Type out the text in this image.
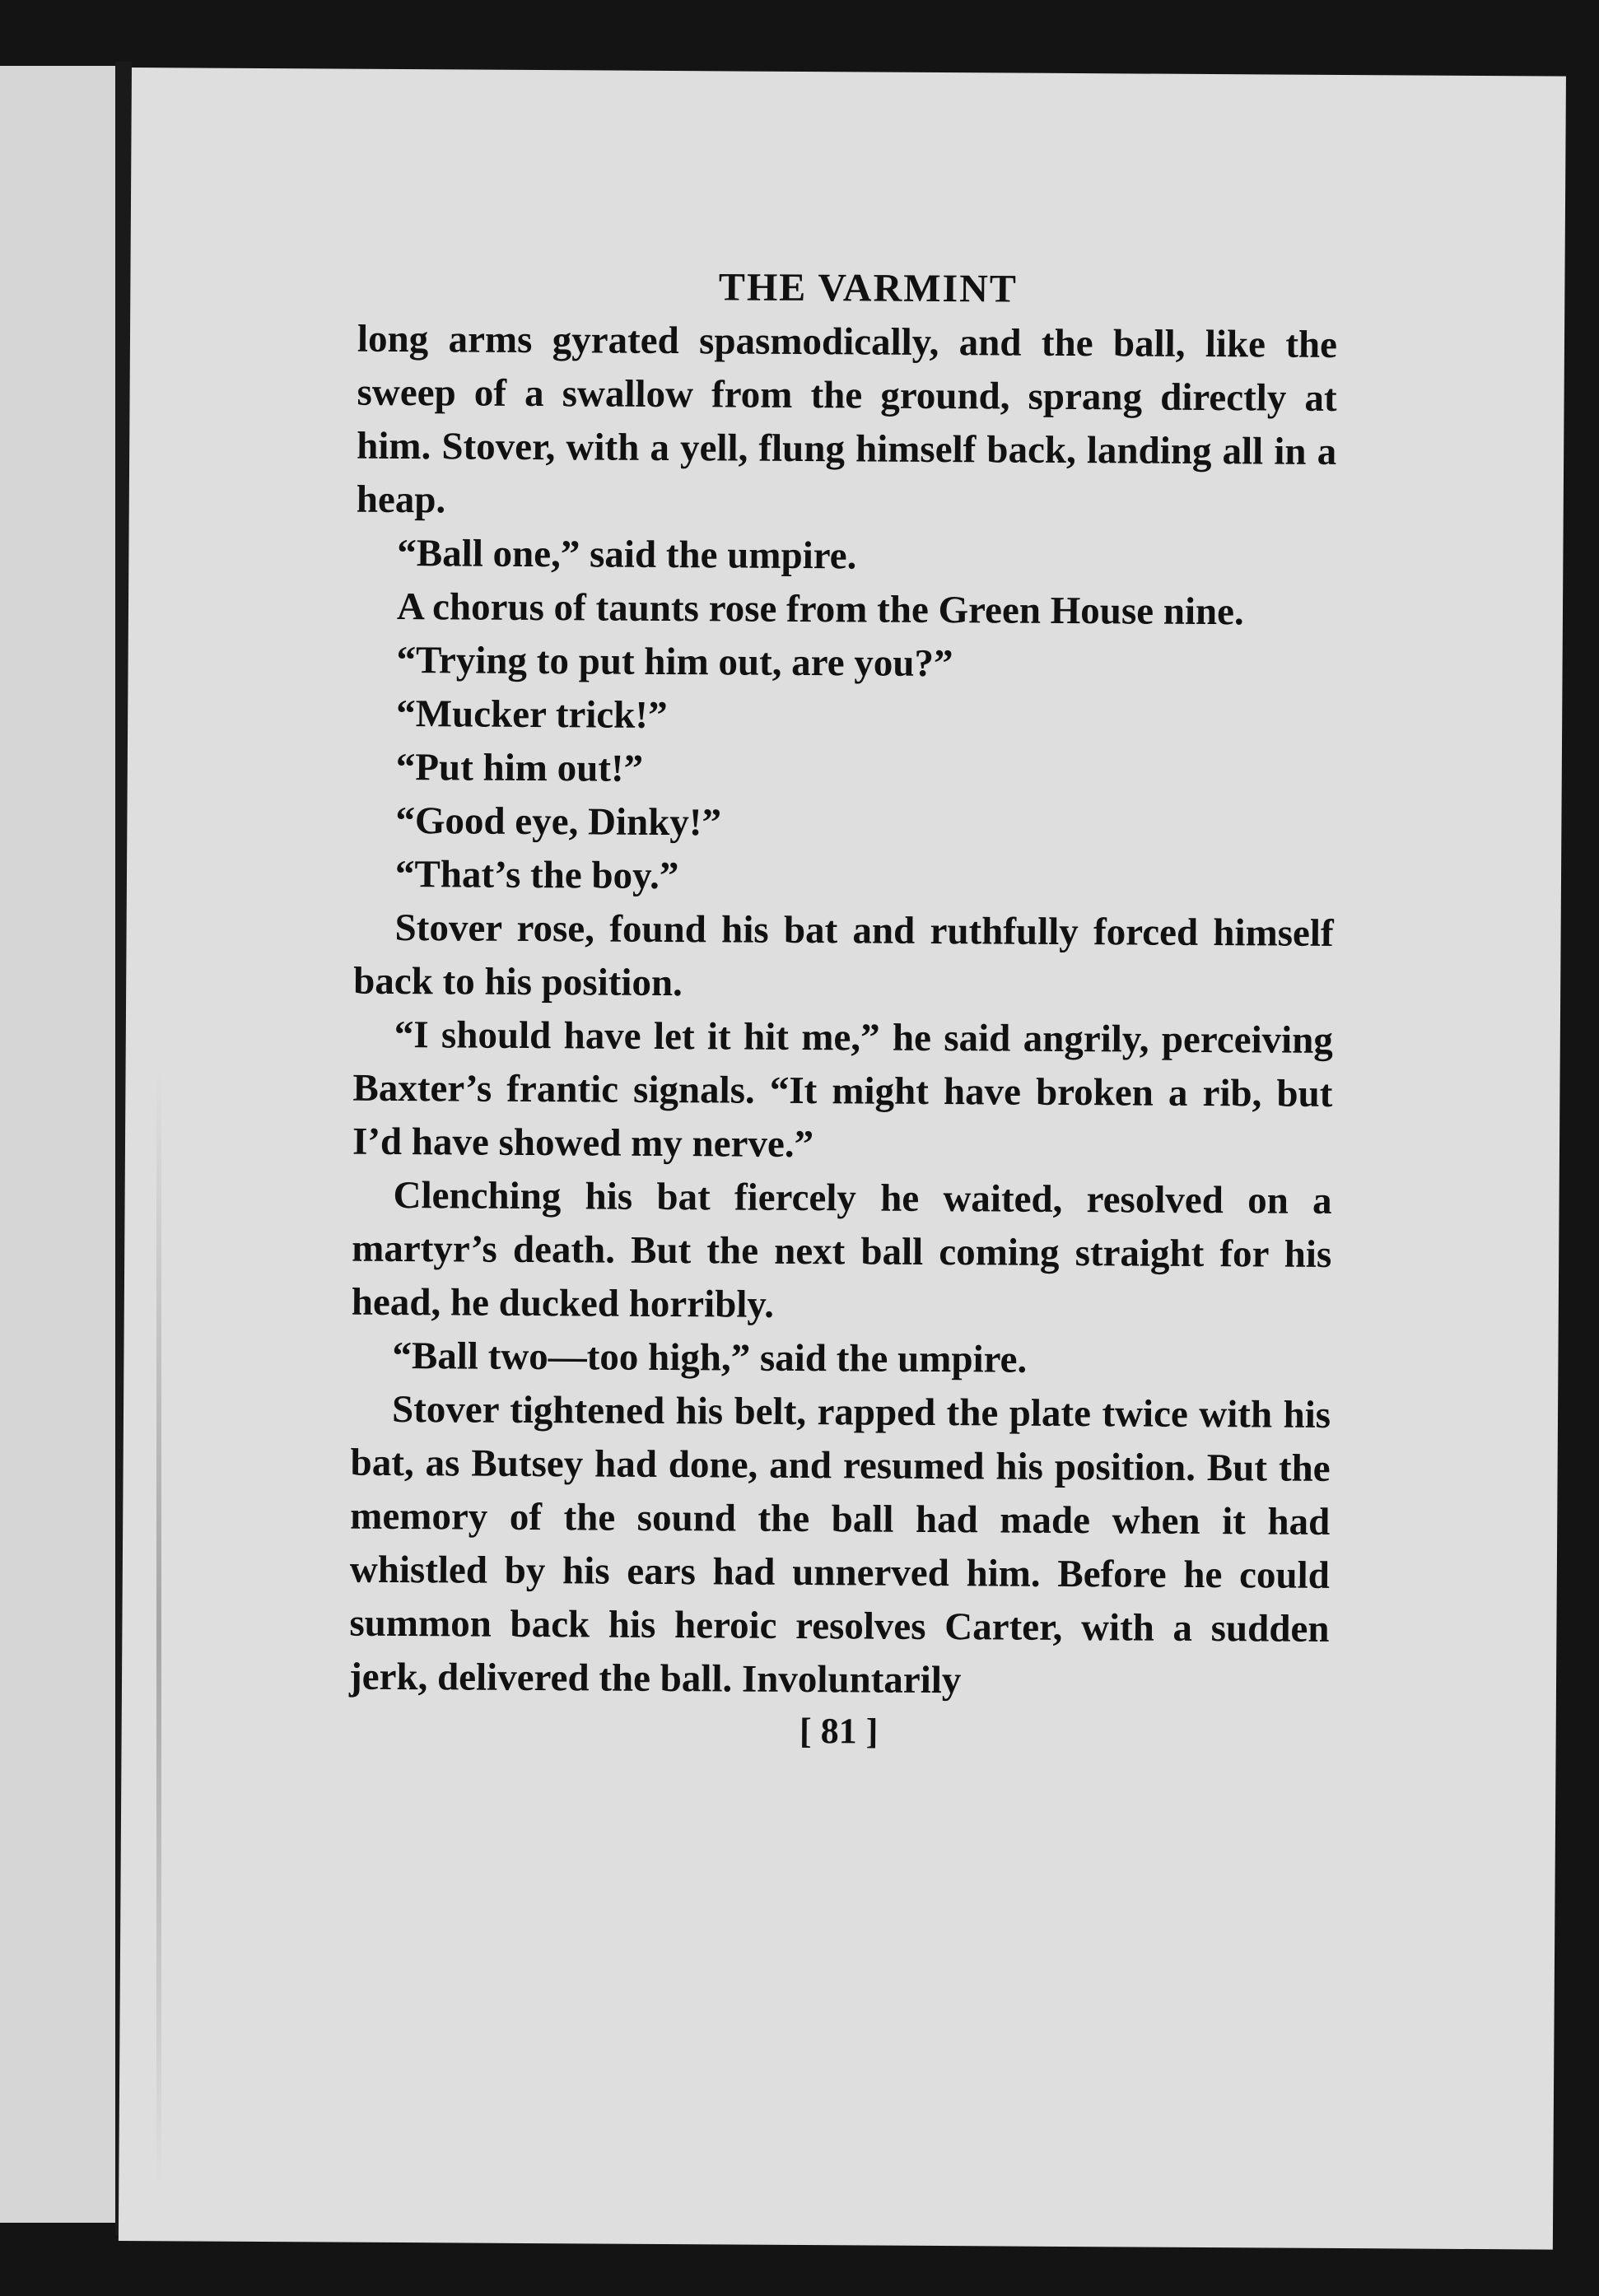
THE VARMINT

long arms gyrated spasmodically, and the ball, like the sweep of a swallow from the ground, sprang directly at him. Stover, with a yell, flung himself back, landing all in a heap.

“Ball one,” said the umpire.

A chorus of taunts rose from the Green House nine.

“Trying to put him out, are you?”

“Mucker trick!”

“Put him out!”

“Good eye, Dinky!”

“That’s the boy.”

Stover rose, found his bat and ruthfully forced himself back to his position.

“I should have let it hit me,” he said angrily, perceiving Baxter’s frantic signals. “It might have broken a rib, but I’d have showed my nerve.”

Clenching his bat fiercely he waited, resolved on a martyr’s death. But the next ball coming straight for his head, he ducked horribly.

“Ball two—too high,” said the umpire.

Stover tightened his belt, rapped the plate twice with his bat, as Butsey had done, and resumed his position. But the memory of the sound the ball had made when it had whistled by his ears had unnerved him. Before he could summon back his heroic resolves Carter, with a sudden jerk, delivered the ball. Involuntarily

[ 81 ]
